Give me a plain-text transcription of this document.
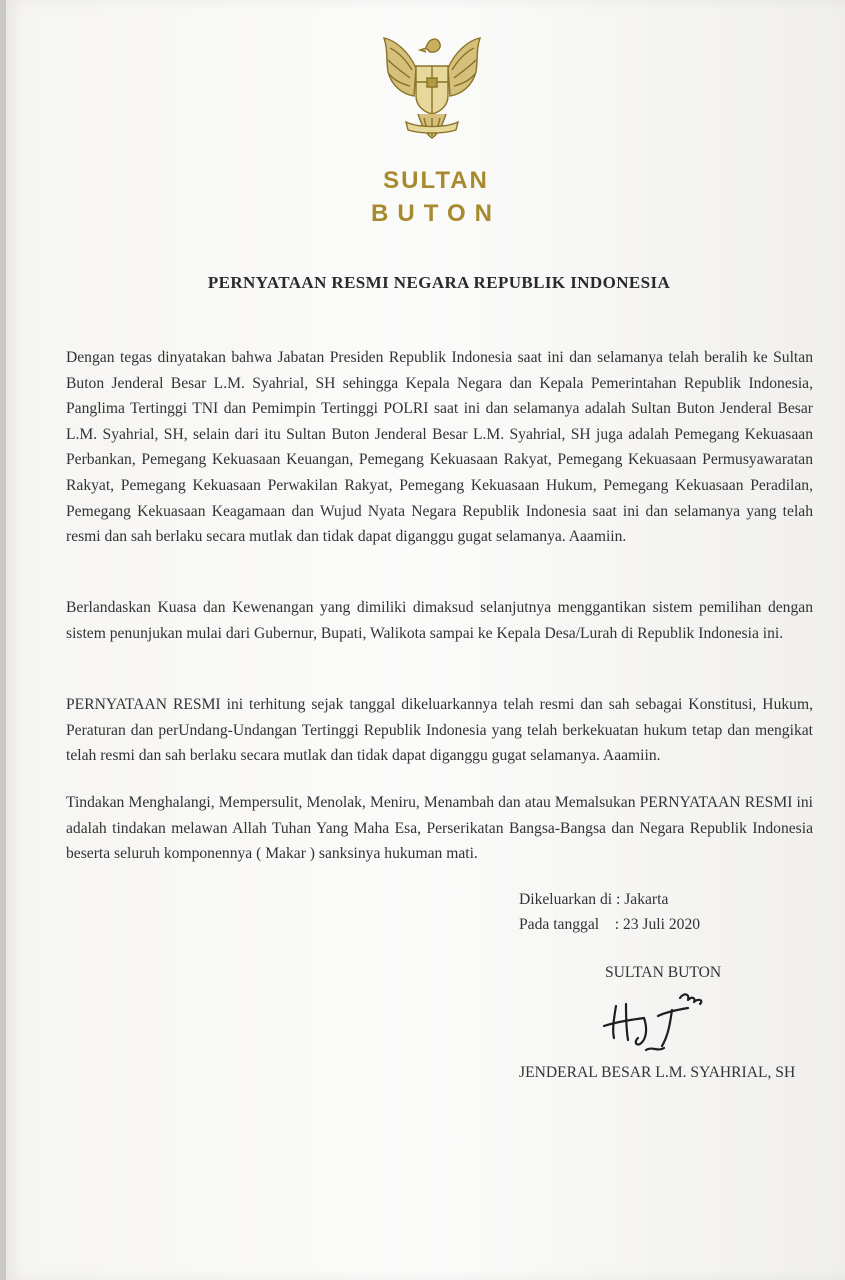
SULTAN
BUTON
PERNYATAAN RESMI NEGARA REPUBLIK INDONESIA

Dengan tegas dinyatakan bahwa Jabatan Presiden Republik Indonesia saat ini dan selamanya telah beralih ke Sultan Buton Jenderal Besar L.M. Syahrial, SH sehingga Kepala Negara dan Kepala Pemerintahan Republik Indonesia, Panglima Tertinggi TNI dan Pemimpin Tertinggi POLRI saat ini dan selamanya adalah Sultan Buton Jenderal Besar L.M. Syahrial, SH, selain dari itu Sultan Buton Jenderal Besar L.M. Syahrial, SH juga adalah Pemegang Kekuasaan Perbankan, Pemegang Kekuasaan Keuangan, Pemegang Kekuasaan Rakyat, Pemegang Kekuasaan Permusyawaratan Rakyat, Pemegang Kekuasaan Perwakilan Rakyat, Pemegang Kekuasaan Hukum, Pemegang Kekuasaan Peradilan, Pemegang Kekuasaan Keagamaan dan Wujud Nyata Negara Republik Indonesia saat ini dan selamanya yang telah resmi dan sah berlaku secara mutlak dan tidak dapat diganggu gugat selamanya. Aaamiin.

Berlandaskan Kuasa dan Kewenangan yang dimiliki dimaksud selanjutnya menggantikan sistem pemilihan dengan sistem penunjukan mulai dari Gubernur, Bupati, Walikota sampai ke Kepala Desa/Lurah di Republik Indonesia ini.

PERNYATAAN RESMI ini terhitung sejak tanggal dikeluarkannya telah resmi dan sah sebagai Konstitusi, Hukum, Peraturan dan perUndang-Undangan Tertinggi Republik Indonesia yang telah berkekuatan hukum tetap dan mengikat telah resmi dan sah berlaku secara mutlak dan tidak dapat diganggu gugat selamanya. Aaamiin.

Tindakan Menghalangi, Mempersulit, Menolak, Meniru, Menambah dan atau Memalsukan PERNYATAAN RESMI ini adalah tindakan melawan Allah Tuhan Yang Maha Esa, Perserikatan Bangsa-Bangsa dan Negara Republik Indonesia beserta seluruh komponennya ( Makar ) sanksinya hukuman mati.

Dikeluarkan di : Jakarta
Pada tanggal    : 23 Juli 2020
SULTAN BUTON
JENDERAL BESAR L.M. SYAHRIAL, SH
